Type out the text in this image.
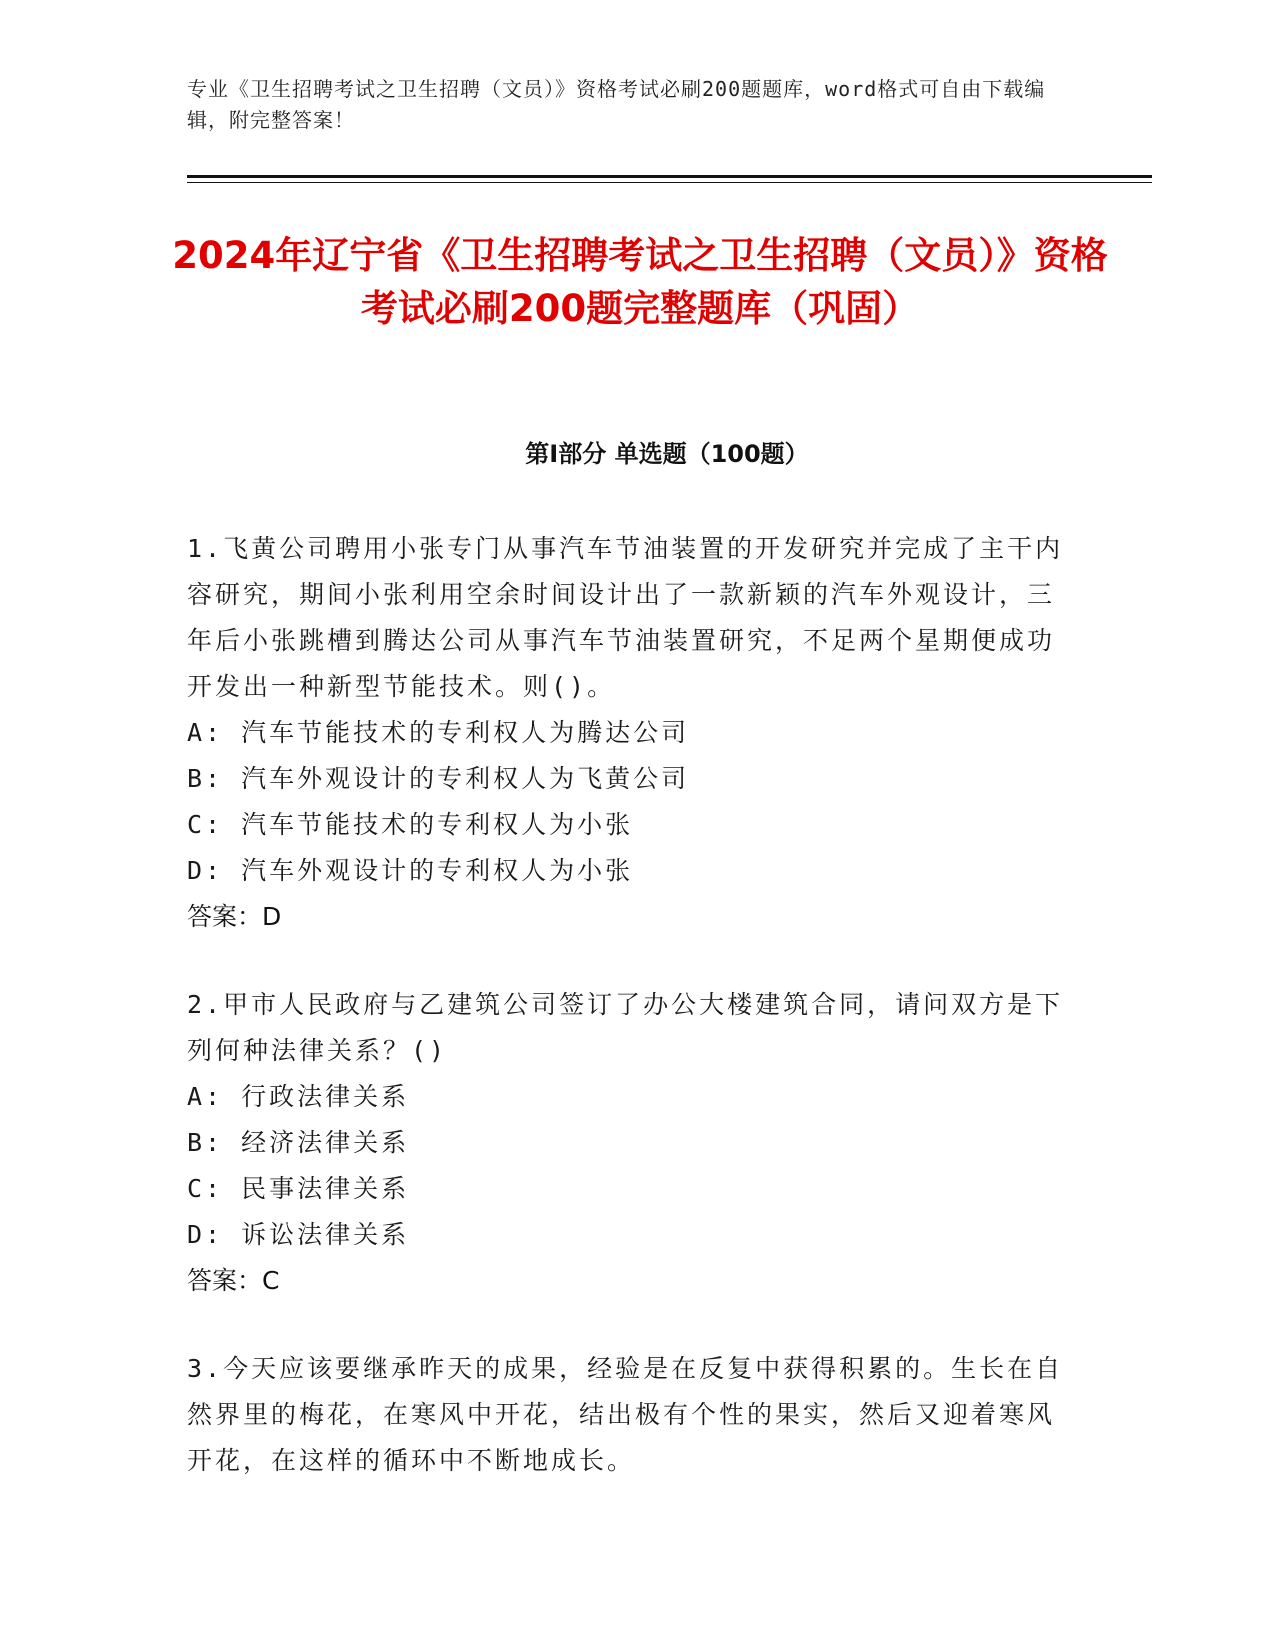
专业《卫生招聘考试之卫生招聘（文员）》资格考试必刷200题题库，word格式可自由下载编辑，附完整答案！
2024年辽宁省《卫生招聘考试之卫生招聘（文员）》资格考试必刷200题完整题库（巩固）
第Ⅰ部分 单选题（100题）
1.飞黄公司聘用小张专门从事汽车节油装置的开发研究并完成了主干内容研究，期间小张利用空余时间设计出了一款新颖的汽车外观设计，三年后小张跳槽到腾达公司从事汽车节油装置研究，不足两个星期便成功开发出一种新型节能技术。则()。
A: 汽车节能技术的专利权人为腾达公司
B: 汽车外观设计的专利权人为飞黄公司
C: 汽车节能技术的专利权人为小张
D: 汽车外观设计的专利权人为小张
答案：D
2.甲市人民政府与乙建筑公司签订了办公大楼建筑合同，请问双方是下列何种法律关系？()
A: 行政法律关系
B: 经济法律关系
C: 民事法律关系
D: 诉讼法律关系
答案：C
3.今天应该要继承昨天的成果，经验是在反复中获得积累的。生长在自然界里的梅花，在寒风中开花，结出极有个性的果实，然后又迎着寒风开花，在这样的循环中不断地成长。
